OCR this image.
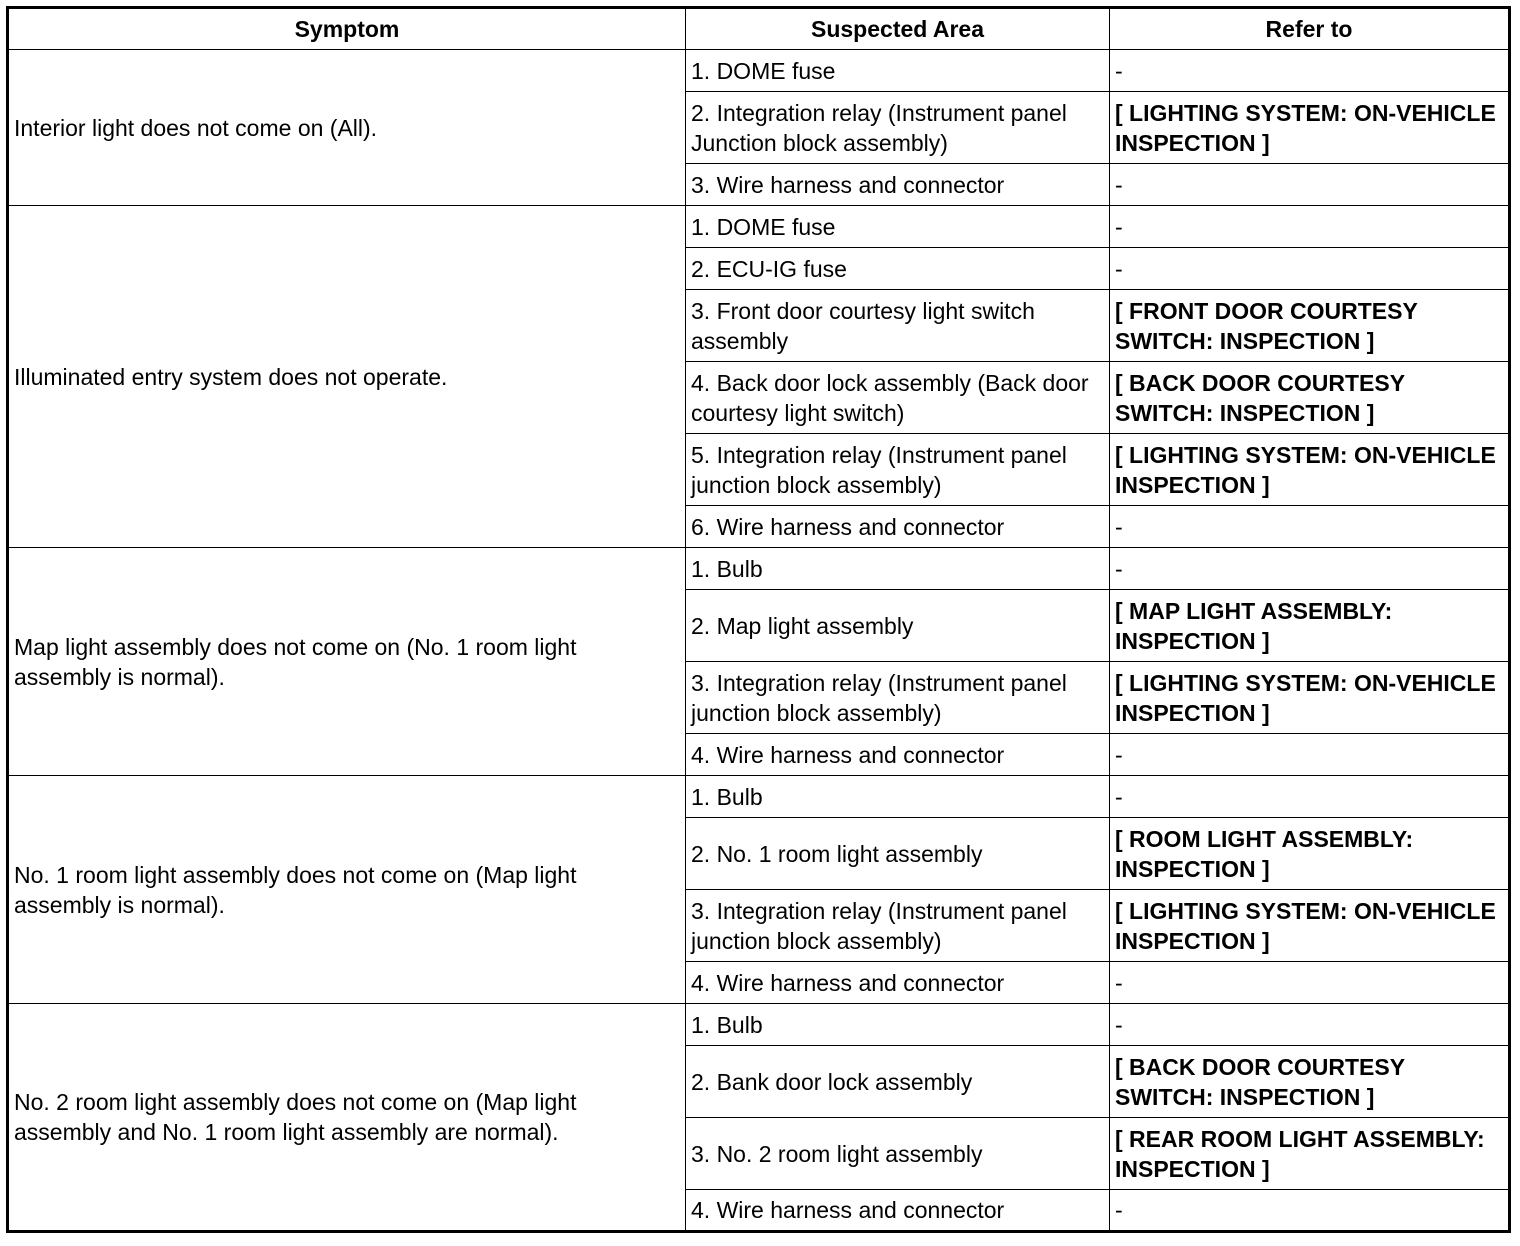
Symptom	Suspected Area	Refer to
Interior light does not come on (All).	1. DOME fuse	-
	2. Integration relay (Instrument panel Junction block assembly)	[ LIGHTING SYSTEM: ON-VEHICLE INSPECTION ]
	3. Wire harness and connector	-
Illuminated entry system does not operate.	1. DOME fuse	-
	2. ECU-IG fuse	-
	3. Front door courtesy light switch assembly	[ FRONT DOOR COURTESY SWITCH: INSPECTION ]
	4. Back door lock assembly (Back door courtesy light switch)	[ BACK DOOR COURTESY SWITCH: INSPECTION ]
	5. Integration relay (Instrument panel junction block assembly)	[ LIGHTING SYSTEM: ON-VEHICLE INSPECTION ]
	6. Wire harness and connector	-
Map light assembly does not come on (No. 1 room light assembly is normal).	1. Bulb	-
	2. Map light assembly	[ MAP LIGHT ASSEMBLY: INSPECTION ]
	3. Integration relay (Instrument panel junction block assembly)	[ LIGHTING SYSTEM: ON-VEHICLE INSPECTION ]
	4. Wire harness and connector	-
No. 1 room light assembly does not come on (Map light assembly is normal).	1. Bulb	-
	2. No. 1 room light assembly	[ ROOM LIGHT ASSEMBLY: INSPECTION ]
	3. Integration relay (Instrument panel junction block assembly)	[ LIGHTING SYSTEM: ON-VEHICLE INSPECTION ]
	4. Wire harness and connector	-
No. 2 room light assembly does not come on (Map light assembly and No. 1 room light assembly are normal).	1. Bulb	-
	2. Bank door lock assembly	[ BACK DOOR COURTESY SWITCH: INSPECTION ]
	3. No. 2 room light assembly	[ REAR ROOM LIGHT ASSEMBLY: INSPECTION ]
	4. Wire harness and connector	-
